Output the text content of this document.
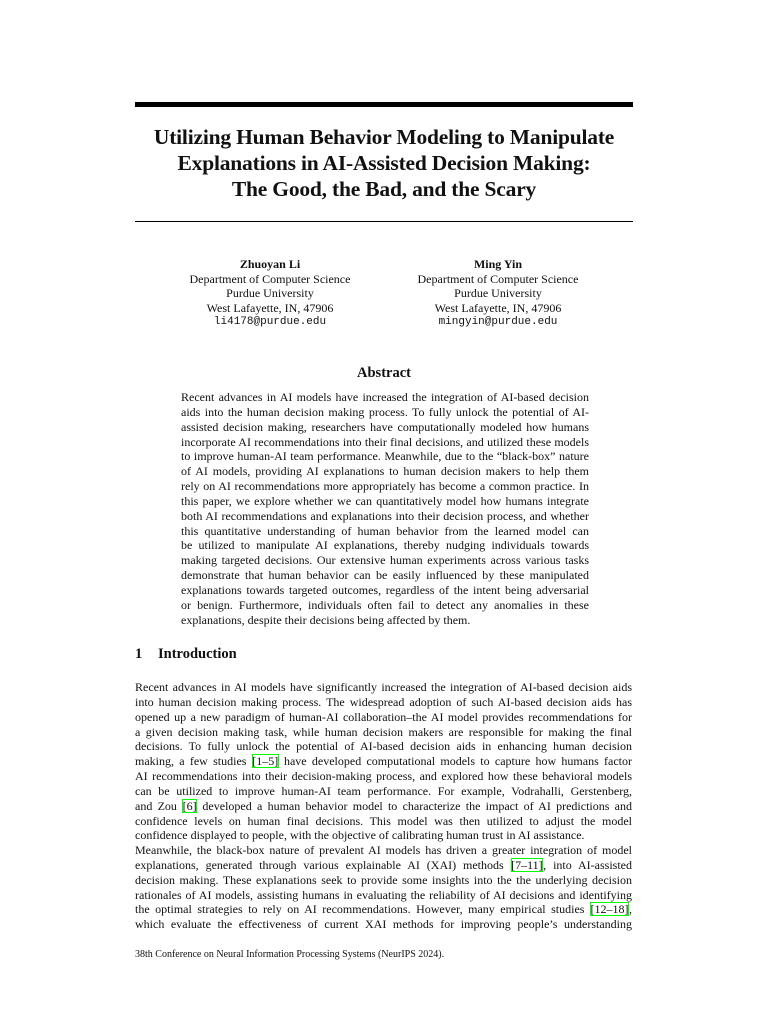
Utilizing Human Behavior Modeling to Manipulate
Explanations in AI-Assisted Decision Making:
The Good, the Bad, and the Scary
Zhuoyan Li
Department of Computer Science
Purdue University
West Lafayette, IN, 47906
li4178@purdue.edu
Ming Yin
Department of Computer Science
Purdue University
West Lafayette, IN, 47906
mingyin@purdue.edu
Abstract
Recent advances in AI models have increased the integration of AI-based decision
aids into the human decision making process. To fully unlock the potential of AI-
assisted decision making, researchers have computationally modeled how humans
incorporate AI recommendations into their final decisions, and utilized these models
to improve human-AI team performance. Meanwhile, due to the “black-box” nature
of AI models, providing AI explanations to human decision makers to help them
rely on AI recommendations more appropriately has become a common practice. In
this paper, we explore whether we can quantitatively model how humans integrate
both AI recommendations and explanations into their decision process, and whether
this quantitative understanding of human behavior from the learned model can
be utilized to manipulate AI explanations, thereby nudging individuals towards
making targeted decisions. Our extensive human experiments across various tasks
demonstrate that human behavior can be easily influenced by these manipulated
explanations towards targeted outcomes, regardless of the intent being adversarial
or benign. Furthermore, individuals often fail to detect any anomalies in these
explanations, despite their decisions being affected by them.
1 Introduction
Recent advances in AI models have significantly increased the integration of AI-based decision aids
into human decision making process. The widespread adoption of such AI-based decision aids has
opened up a new paradigm of human-AI collaboration–the AI model provides recommendations for
a given decision making task, while human decision makers are responsible for making the final
decisions. To fully unlock the potential of AI-based decision aids in enhancing human decision
making, a few studies [1–5] have developed computational models to capture how humans factor
AI recommendations into their decision-making process, and explored how these behavioral models
can be utilized to improve human-AI team performance. For example, Vodrahalli, Gerstenberg,
and Zou [6] developed a human behavior model to characterize the impact of AI predictions and
confidence levels on human final decisions. This model was then utilized to adjust the model
confidence displayed to people, with the objective of calibrating human trust in AI assistance.
Meanwhile, the black-box nature of prevalent AI models has driven a greater integration of model
explanations, generated through various explainable AI (XAI) methods [7–11], into AI-assisted
decision making. These explanations seek to provide some insights into the the underlying decision
rationales of AI models, assisting humans in evaluating the reliability of AI decisions and identifying
the optimal strategies to rely on AI recommendations. However, many empirical studies [12–18],
which evaluate the effectiveness of current XAI methods for improving people’s understanding
38th Conference on Neural Information Processing Systems (NeurIPS 2024).
